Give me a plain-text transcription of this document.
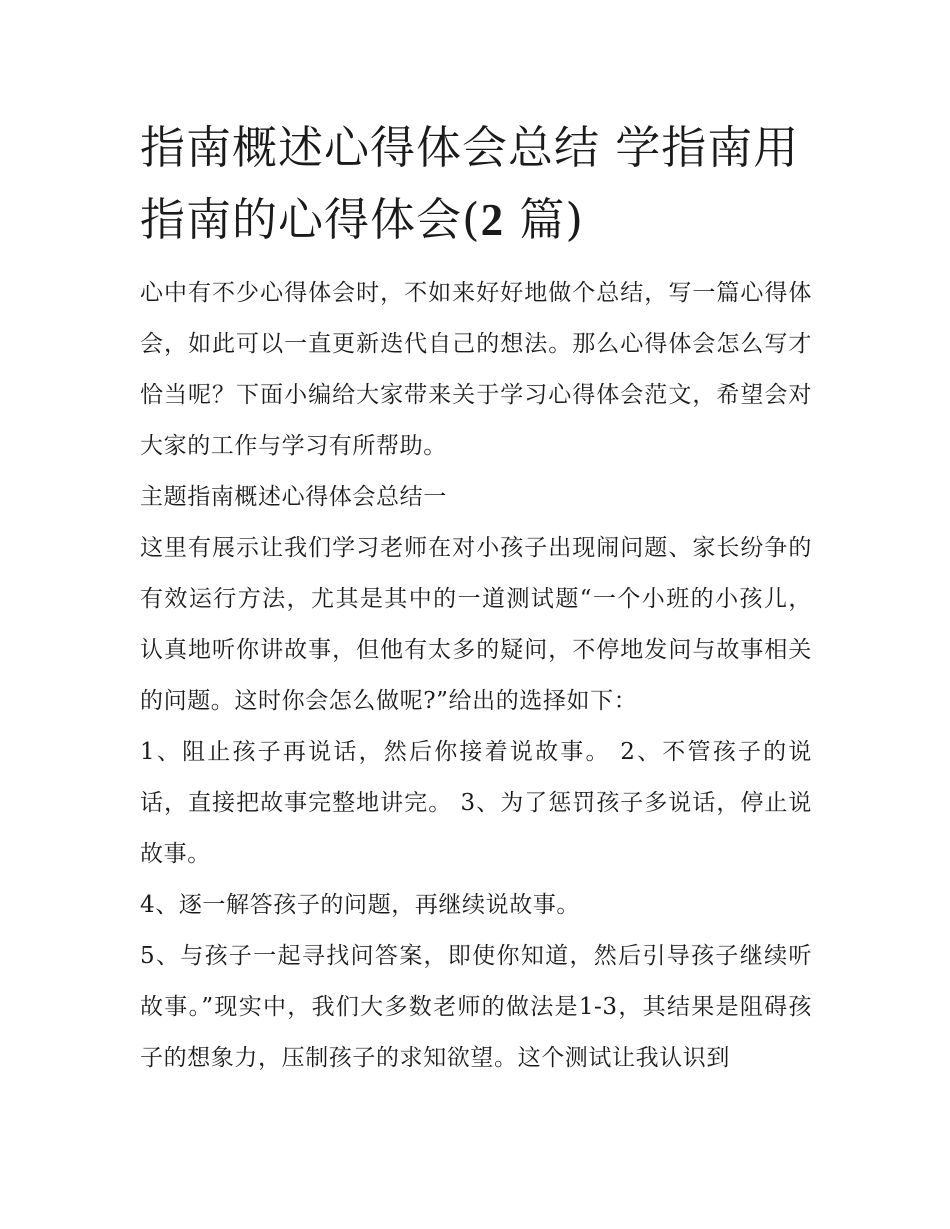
指南概述心得体会总结 学指南用指南的心得体会(2 篇)

心中有不少心得体会时，不如来好好地做个总结，写一篇心得体会，如此可以一直更新迭代自己的想法。那么心得体会怎么写才恰当呢？下面小编给大家带来关于学习心得体会范文，希望会对大家的工作与学习有所帮助。

主题指南概述心得体会总结一

这里有展示让我们学习老师在对小孩子出现闹问题、家长纷争的有效运行方法，尤其是其中的一道测试题“一个小班的小孩儿，认真地听你讲故事，但他有太多的疑问，不停地发问与故事相关的问题。这时你会怎么做呢?”给出的选择如下：

1、阻止孩子再说话，然后你接着说故事。 2、不管孩子的说话，直接把故事完整地讲完。 3、为了惩罚孩子多说话，停止说故事。

4、逐一解答孩子的问题，再继续说故事。

5、与孩子一起寻找问答案，即使你知道，然后引导孩子继续听故事。”现实中，我们大多数老师的做法是1-3，其结果是阻碍孩子的想象力，压制孩子的求知欲望。这个测试让我认识到
